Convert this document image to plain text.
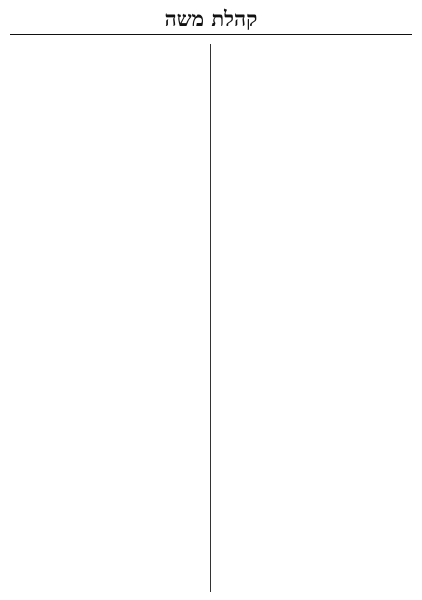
קהלת משה
